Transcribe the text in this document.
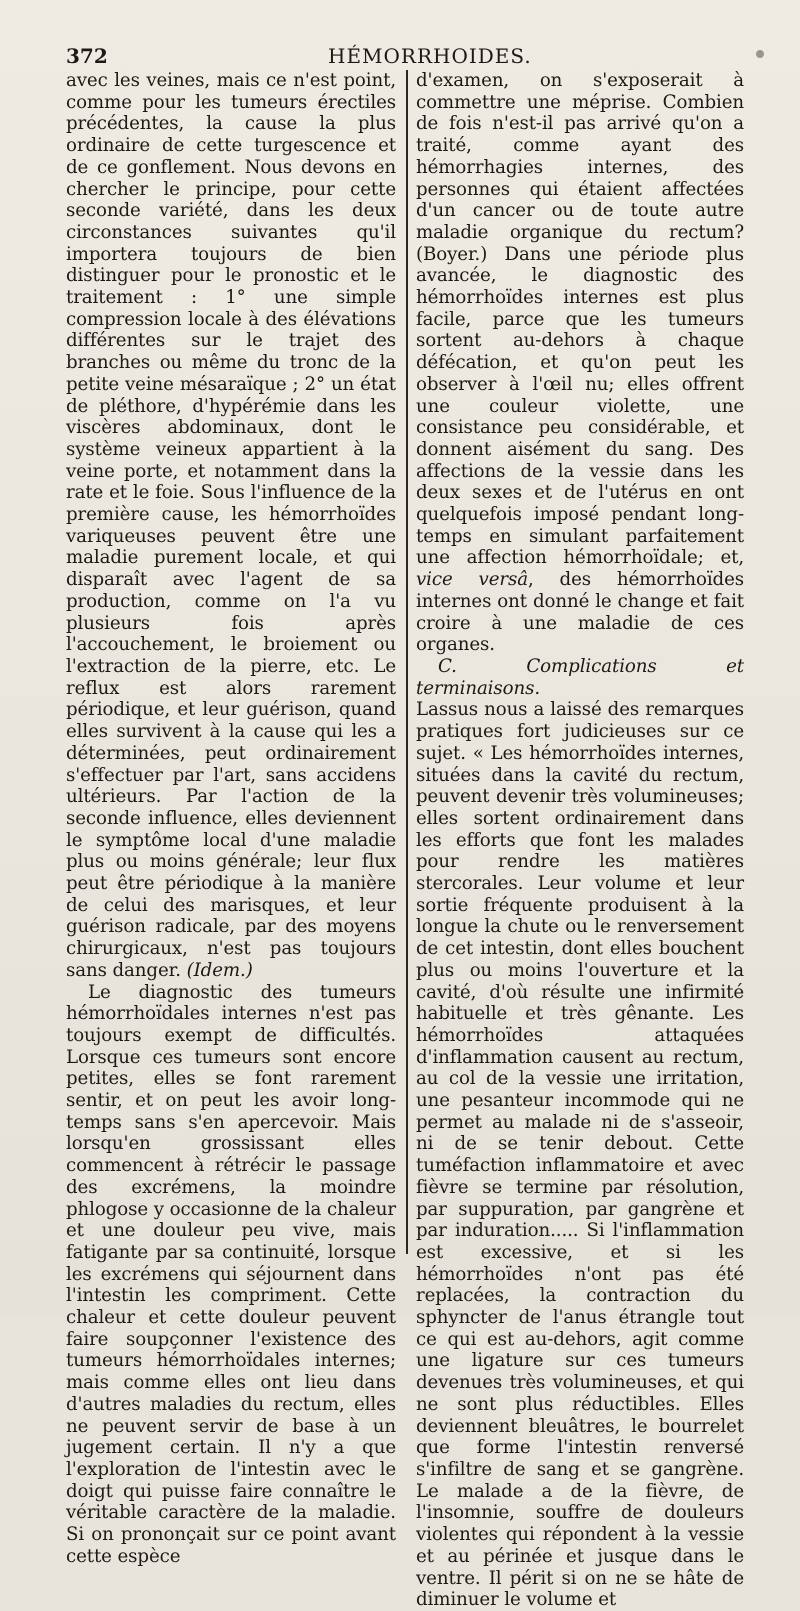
372	HÉMORRHOIDES.

avec les veines, mais ce n'est point, comme pour les tumeurs érectiles précédentes, la cause la plus ordinaire de cette turgescence et de ce gonflement. Nous devons en chercher le principe, pour cette seconde variété, dans les deux circonstances suivantes qu'il importera toujours de bien distinguer pour le pronostic et le traitement : 1° une simple compression locale à des élévations différentes sur le trajet des branches ou même du tronc de la petite veine mésaraïque ; 2° un état de pléthore, d'hypérémie dans les viscères abdominaux, dont le système veineux appartient à la veine porte, et notamment dans la rate et le foie. Sous l'influence de la première cause, les hémorrhoïdes variqueuses peuvent être une maladie purement locale, et qui disparaît avec l'agent de sa production, comme on l'a vu plusieurs fois après l'accouchement, le broiement ou l'extraction de la pierre, etc. Le reflux est alors rarement périodique, et leur guérison, quand elles survivent à la cause qui les a déterminées, peut ordinairement s'effectuer par l'art, sans accidens ultérieurs. Par l'action de la seconde influence, elles deviennent le symptôme local d'une maladie plus ou moins générale; leur flux peut être périodique à la manière de celui des marisques, et leur guérison radicale, par des moyens chirurgicaux, n'est pas toujours sans danger. (Idem.)

Le diagnostic des tumeurs hémorrhoïdales internes n'est pas toujours exempt de difficultés. Lorsque ces tumeurs sont encore petites, elles se font rarement sentir, et on peut les avoir long-temps sans s'en apercevoir. Mais lorsqu'en grossissant elles commencent à rétrécir le passage des excrémens, la moindre phlogose y occasionne de la chaleur et une douleur peu vive, mais fatigante par sa continuité, lorsque les excrémens qui séjournent dans l'intestin les compriment. Cette chaleur et cette douleur peuvent faire soupçonner l'existence des tumeurs hémorrhoïdales internes; mais comme elles ont lieu dans d'autres maladies du rectum, elles ne peuvent servir de base à un jugement certain. Il n'y a que l'exploration de l'intestin avec le doigt qui puisse faire connaître le véritable caractère de la maladie. Si on prononçait sur ce point avant cette espèce

d'examen, on s'exposerait à commettre une méprise. Combien de fois n'est-il pas arrivé qu'on a traité, comme ayant des hémorrhagies internes, des personnes qui étaient affectées d'un cancer ou de toute autre maladie organique du rectum? (Boyer.) Dans une période plus avancée, le diagnostic des hémorrhoïdes internes est plus facile, parce que les tumeurs sortent au-dehors à chaque défécation, et qu'on peut les observer à l'œil nu; elles offrent une couleur violette, une consistance peu considérable, et donnent aisément du sang. Des affections de la vessie dans les deux sexes et de l'utérus en ont quelquefois imposé pendant long-temps en simulant parfaitement une affection hémorrhoïdale; et, vice versâ, des hémorrhoïdes internes ont donné le change et fait croire à une maladie de ces organes.

C. Complications et terminaisons.

Lassus nous a laissé des remarques pratiques fort judicieuses sur ce sujet. « Les hémorrhoïdes internes, situées dans la cavité du rectum, peuvent devenir très volumineuses; elles sortent ordinairement dans les efforts que font les malades pour rendre les matières stercorales. Leur volume et leur sortie fréquente produisent à la longue la chute ou le renversement de cet intestin, dont elles bouchent plus ou moins l'ouverture et la cavité, d'où résulte une infirmité habituelle et très gênante. Les hémorrhoïdes attaquées d'inflammation causent au rectum, au col de la vessie une irritation, une pesanteur incommode qui ne permet au malade ni de s'asseoir, ni de se tenir debout. Cette tuméfaction inflammatoire et avec fièvre se termine par résolution, par suppuration, par gangrène et par induration..... Si l'inflammation est excessive, et si les hémorrhoïdes n'ont pas été replacées, la contraction du sphyncter de l'anus étrangle tout ce qui est au-dehors, agit comme une ligature sur ces tumeurs devenues très volumineuses, et qui ne sont plus réductibles. Elles deviennent bleuâtres, le bourrelet que forme l'intestin renversé s'infiltre de sang et se gangrène. Le malade a de la fièvre, de l'insomnie, souffre de douleurs violentes qui répondent à la vessie et au périnée et jusque dans le ventre. Il périt si on ne se hâte de diminuer le volume et
